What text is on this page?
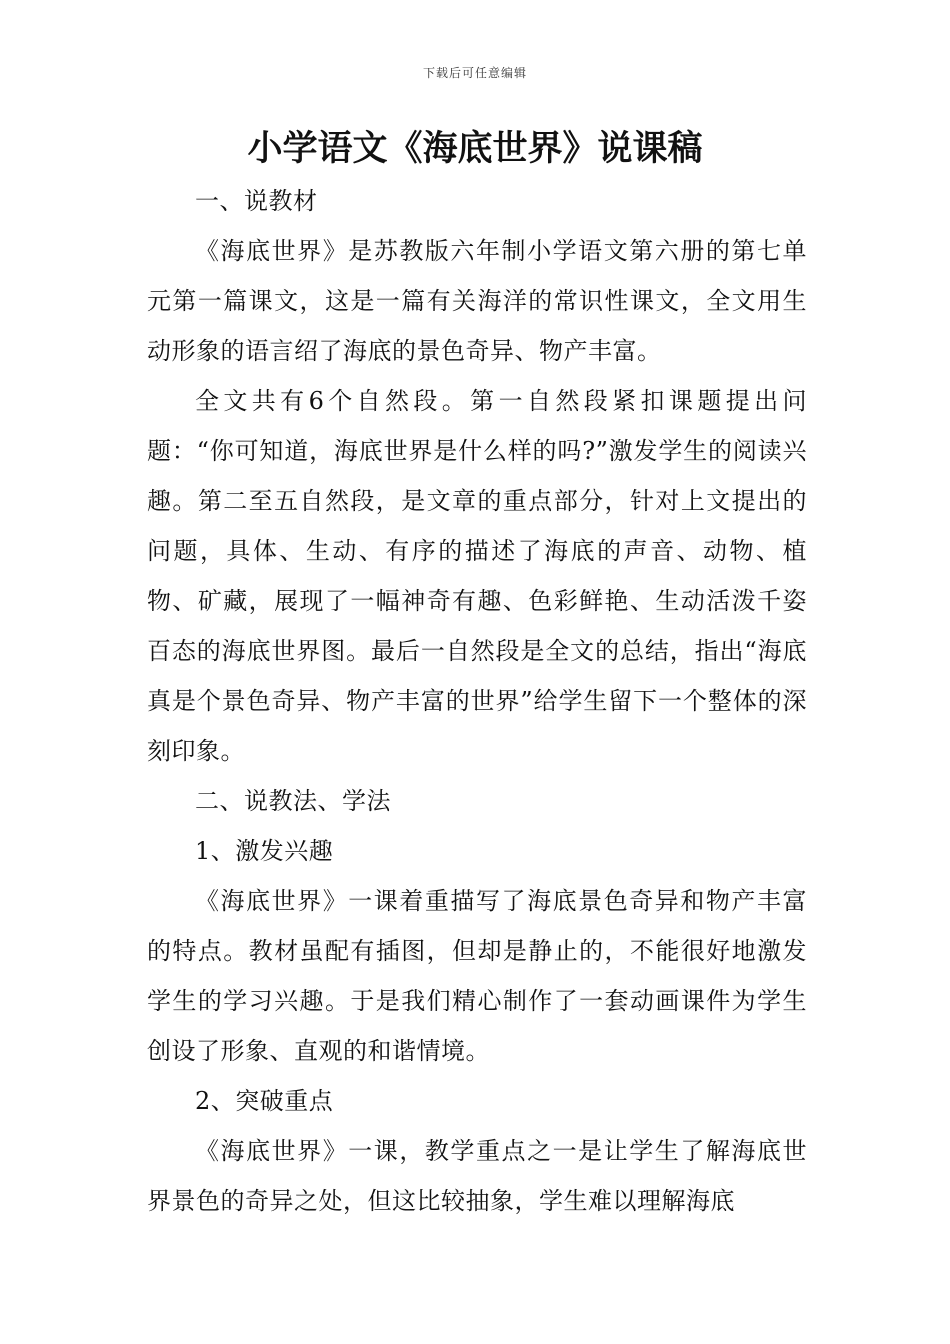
下载后可任意编辑
小学语文《海底世界》说课稿

一、说教材

《海底世界》是苏教版六年制小学语文第六册的第七单元第一篇课文，这是一篇有关海洋的常识性课文，全文用生动形象的语言绍了海底的景色奇异、物产丰富。

全文共有6个自然段。第一自然段紧扣课题提出问题：“你可知道，海底世界是什么样的吗?”激发学生的阅读兴趣。第二至五自然段，是文章的重点部分，针对上文提出的问题，具体、生动、有序的描述了海底的声音、动物、植物、矿藏，展现了一幅神奇有趣、色彩鲜艳、生动活泼千姿百态的海底世界图。最后一自然段是全文的总结，指出“海底真是个景色奇异、物产丰富的世界”给学生留下一个整体的深刻印象。

二、说教法、学法

1、激发兴趣

《海底世界》一课着重描写了海底景色奇异和物产丰富的特点。教材虽配有插图，但却是静止的，不能很好地激发学生的学习兴趣。于是我们精心制作了一套动画课件为学生创设了形象、直观的和谐情境。

2、突破重点

《海底世界》一课，教学重点之一是让学生了解海底世界景色的奇异之处，但这比较抽象，学生难以理解海底
